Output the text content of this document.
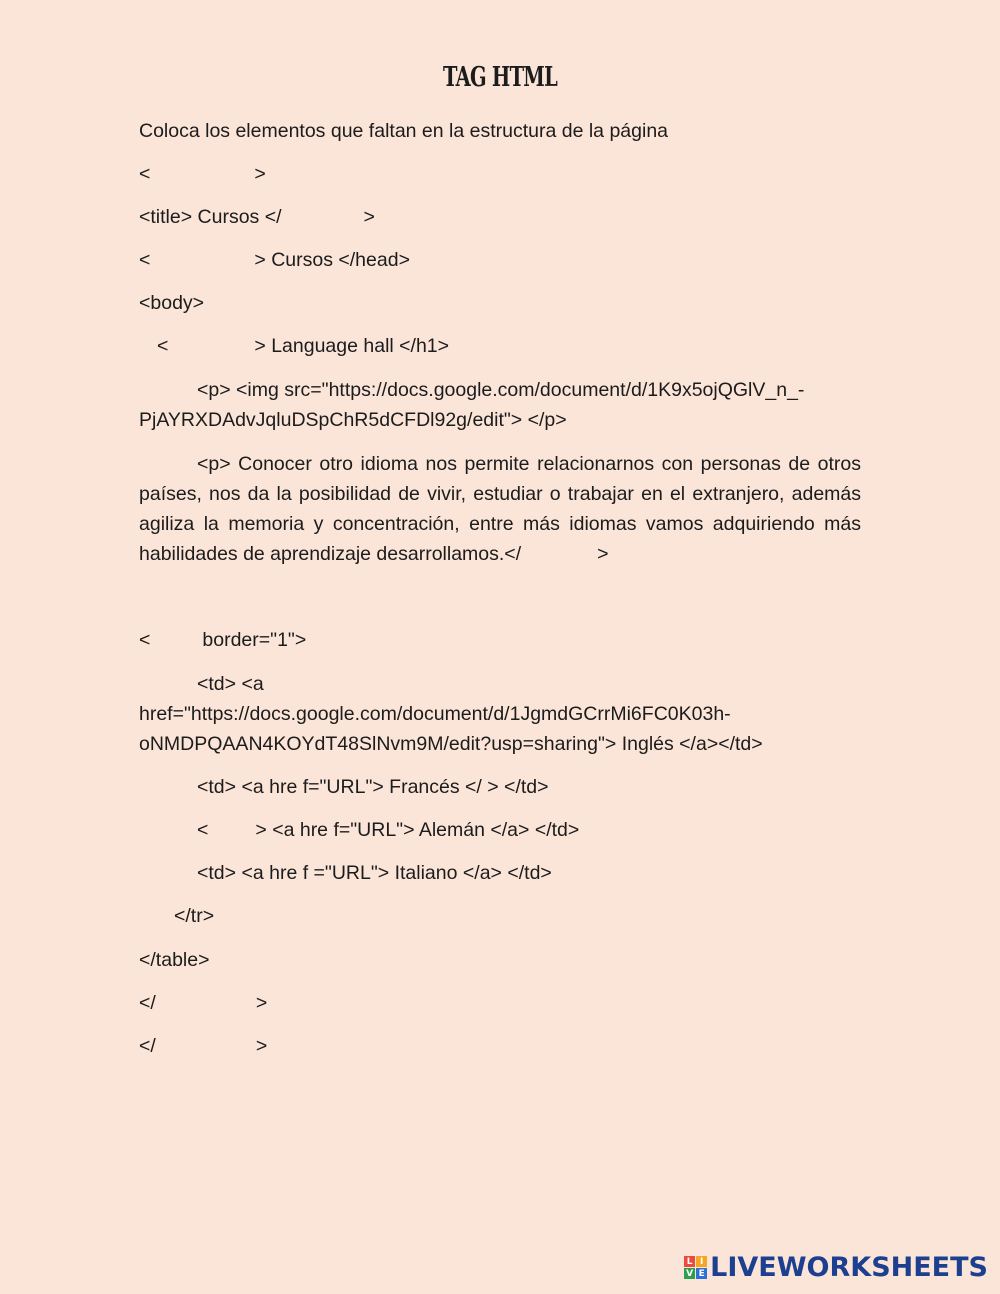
TAG HTML
Coloca los elementos que faltan en la estructura de la página
<	>
<title> Cursos </	>
<	> Cursos </head>
<body>
<	> Language hall </h1>
<p> <img src="https://docs.google.com/document/d/1K9x5ojQGlV_n_-
PjAYRXDAdvJqluDSpChR5dCFDl92g/edit"> </p>
<p> Conocer otro idioma nos permite relacionarnos con personas de otros países, nos da la posibilidad de vivir, estudiar o trabajar en el extranjero, además agiliza la memoria y concentración, entre más idiomas vamos adquiriendo más habilidades de aprendizaje desarrollamos.</	>
<	border="1">
<td> <a
href="https://docs.google.com/document/d/1JgmdGCrrMi6FC0K03h-
oNMDPQAAN4KOYdT48SlNvm9M/edit?usp=sharing"> Inglés </a></td>
<td> <a hre f="URL"> Francés </ > </td>
< > <a hre f="URL"> Alemán </a> </td>
<td> <a hre f ="URL"> Italiano </a> </td>
</tr>
</table>
</	>
</	>
L I
V E LIVEWORKSHEETS
